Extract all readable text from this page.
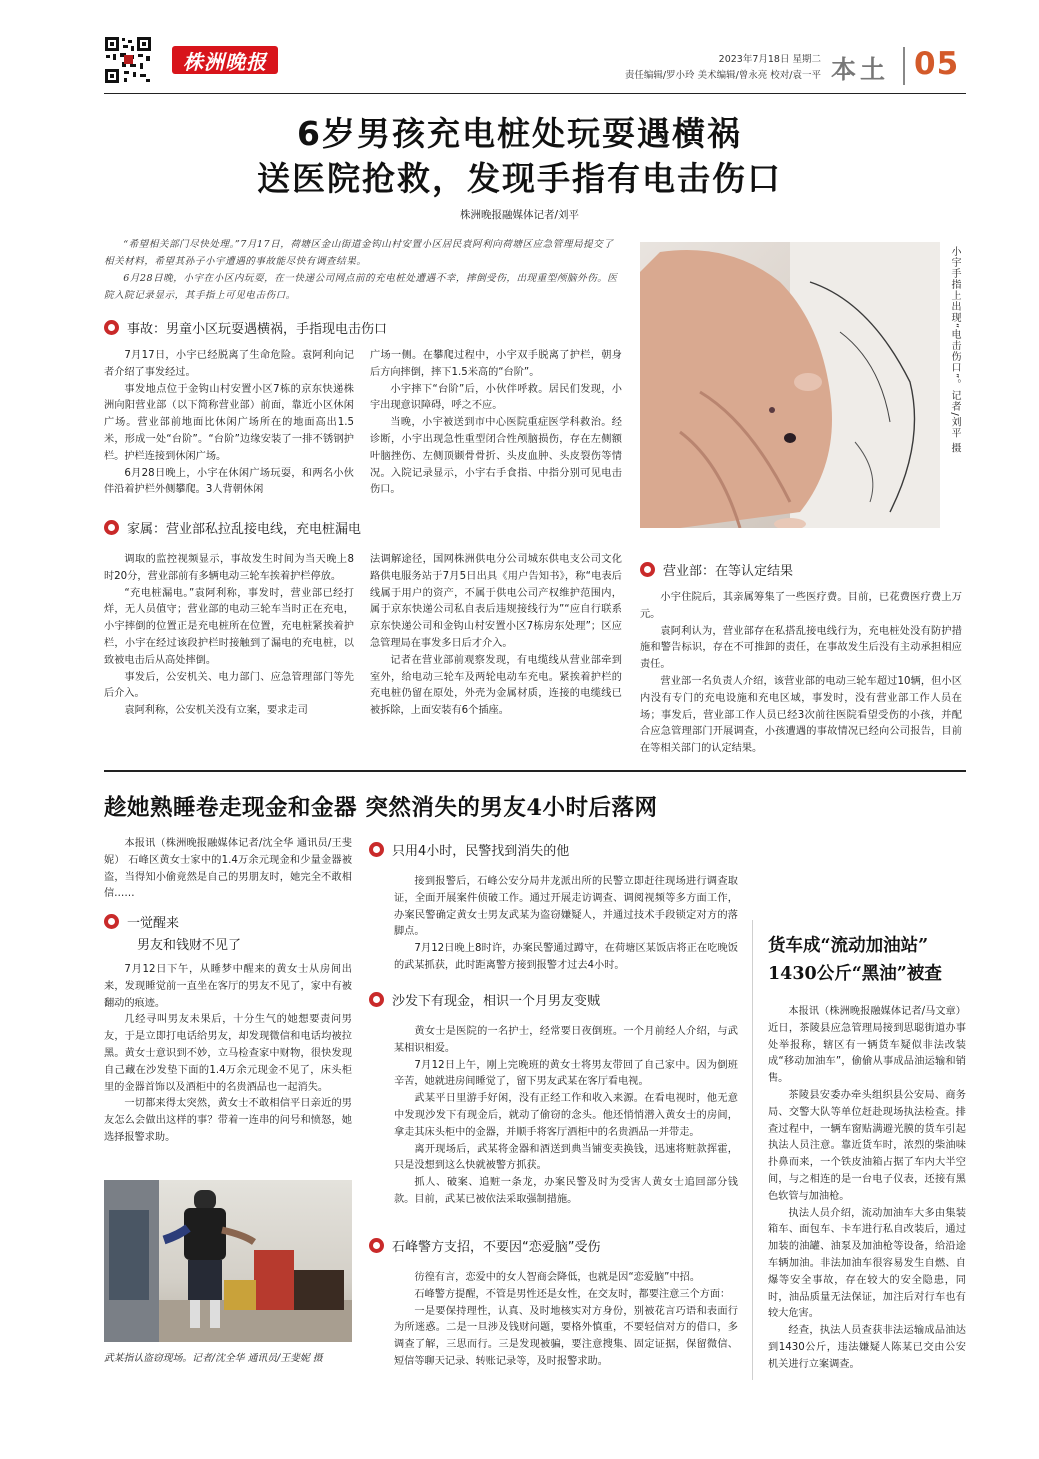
株洲晚报	2023年7月18日 星期二
责任编辑/罗小玲 美术编辑/曾永亮 校对/袁一平 本土 05
6岁男孩充电桩处玩耍遇横祸
送医院抢救，发现手指有电击伤口
株洲晚报融媒体记者/刘平

“希望相关部门尽快处理。”7月17日，荷塘区金山街道金钩山村安置小区居民袁阿利向荷塘区应急管理局提交了相关材料，希望其孙子小宇遭遇的事故能尽快有调查结果。

6月28日晚，小宇在小区内玩耍，在一快递公司网点前的充电桩处遭遇不幸，摔倒受伤，出现重型颅脑外伤。医院入院记录显示，其手指上可见电击伤口。	小宇手指上出现“电击伤口”。记者/刘平 摄
事故：男童小区玩耍遇横祸，手指现电击伤口

7月17日，小宇已经脱离了生命危险。袁阿利向记者介绍了事发经过。

事发地点位于金钩山村安置小区7栋的京东快递株洲向阳营业部（以下简称营业部）前面，靠近小区休闲广场。营业部前地面比休闲广场所在的地面高出1.5米，形成一处“台阶”。“台阶”边缘安装了一排不锈钢护栏。护栏连接到休闲广场。

6月28日晚上，小宇在休闲广场玩耍，和两名小伙伴沿着护栏外侧攀爬。3人背朝休闲

广场一侧。在攀爬过程中，小宇双手脱离了护栏，朝身后方向摔倒，摔下1.5米高的“台阶”。

小宇摔下“台阶”后，小伙伴呼救。居民们发现，小宇出现意识障碍，呼之不应。

当晚，小宇被送到市中心医院重症医学科救治。经诊断，小宇出现急性重型闭合性颅脑损伤，存在左侧额叶脑挫伤、左侧顶颞骨骨折、头皮血肿、头皮裂伤等情况。入院记录显示，小宇右手食指、中指分别可见电击伤口。

家属：营业部私拉乱接电线，充电桩漏电

调取的监控视频显示，事故发生时间为当天晚上8时20分，营业部前有多辆电动三轮车挨着护栏停放。

“充电桩漏电。”袁阿利称，事发时，营业部已经打烊，无人员值守；营业部的电动三轮车当时正在充电，小宇摔倒的位置正是充电桩所在位置，充电桩紧挨着护栏，小宇在经过该段护栏时接触到了漏电的充电桩，以致被电击后从高处摔倒。

事发后，公安机关、电力部门、应急管理部门等先后介入。

袁阿利称，公安机关没有立案，要求走司

法调解途径，国网株洲供电分公司城东供电支公司文化路供电服务站于7月5日出具《用户告知书》，称“电表后线属于用户的资产，不属于供电公司产权维护范围内，属于京东快递公司私自表后违规接线行为”“应自行联系京东快递公司和金钩山村安置小区7栋房东处理”；区应急管理局在事发多日后才介入。

记者在营业部前观察发现，有电缆线从营业部牵到室外，给电动三轮车及两轮电动车充电。紧挨着护栏的充电桩仍留在原处，外壳为金属材质，连接的电缆线已被拆除，上面安装有6个插座。

营业部：在等认定结果

小宇住院后，其亲属筹集了一些医疗费。目前，已花费医疗费上万元。

袁阿利认为，营业部存在私搭乱接电线行为，充电桩处没有防护措施和警告标识，存在不可推卸的责任，在事故发生后没有主动承担相应责任。

营业部一名负责人介绍，该营业部的电动三轮车超过10辆，但小区内没有专门的充电设施和充电区域，事发时，没有营业部工作人员在场；事发后，营业部工作人员已经3次前往医院看望受伤的小孩，并配合应急管理部门开展调查，小孩遭遇的事故情况已经向公司报告，目前在等相关部门的认定结果。

趁她熟睡卷走现金和金器 突然消失的男友4小时后落网

本报讯（株洲晚报融媒体记者/沈全华 通讯员/王斐妮） 石峰区黄女士家中的1.4万余元现金和少量金器被盗，当得知小偷竟然是自己的男朋友时，她完全不敢相信……

一觉醒来
男友和钱财不见了

7月12日下午，从睡梦中醒来的黄女士从房间出来，发现睡觉前一直坐在客厅的男友不见了，家中有被翻动的痕迹。

几经寻叫男友未果后，十分生气的她想要责问男友，于是立即打电话给男友，却发现微信和电话均被拉黑。黄女士意识到不妙，立马检查家中财物，很快发现自己藏在沙发垫下面的1.4万余元现金不见了，床头柜里的金器首饰以及酒柜中的名贵酒品也一起消失。

一切都来得太突然，黄女士不敢相信平日亲近的男友怎么会做出这样的事？带着一连串的问号和愤怒，她选择报警求助。

武某指认盗窃现场。记者/沈全华 通讯员/王斐妮 摄
只用4小时，民警找到消失的他

接到报警后，石峰公安分局井龙派出所的民警立即赶往现场进行调查取证，全面开展案件侦破工作。通过开展走访调查、调阅视频等多方面工作，办案民警确定黄女士男友武某为盗窃嫌疑人，并通过技术手段锁定对方的落脚点。

7月12日晚上8时许，办案民警通过蹲守，在荷塘区某饭店将正在吃晚饭的武某抓获，此时距离警方接到报警才过去4小时。

沙发下有现金，相识一个月男友变贼

黄女士是医院的一名护士，经常要日夜倒班。一个月前经人介绍，与武某相识相爱。

7月12日上午，刚上完晚班的黄女士将男友带回了自己家中。因为倒班辛苦，她就进房间睡觉了，留下男友武某在客厅看电视。

武某平日里游手好闲，没有正经工作和收入来源。在看电视时，他无意中发现沙发下有现金后，就动了偷窃的念头。他还悄悄潜入黄女士的房间，拿走其床头柜中的金器，并顺手将客厅酒柜中的名贵酒品一并带走。

离开现场后，武某将金器和酒送到典当铺变卖换钱，迅速将赃款挥霍，只是没想到这么快就被警方抓获。

抓人、破案、追赃一条龙，办案民警及时为受害人黄女士追回部分钱款。目前，武某已被依法采取强制措施。

石峰警方支招，不要因“恋爱脑”受伤

彷徨有言，恋爱中的女人智商会降低，也就是因“恋爱脑”中招。

石峰警方提醒，不管是男性还是女性，在交友时，都要注意三个方面：

一是要保持理性，认真、及时地核实对方身份，别被花言巧语和表面行为所迷惑。二是一旦涉及钱财问题，要格外慎重，不要轻信对方的借口，多调查了解，三思而行。三是发现被骗，要注意搜集、固定证据，保留微信、短信等聊天记录、转账记录等，及时报警求助。

货车成“流动加油站”
1430公斤“黑油”被查

本报讯（株洲晚报融媒体记者/马文章） 近日，茶陵县应急管理局接到思聪街道办事处举报称，辖区有一辆货车疑似非法改装成“移动加油车”，偷偷从事成品油运输和销售。

茶陵县安委办牵头组织县公安局、商务局、交警大队等单位赶赴现场执法检查。排查过程中，一辆车窗贴满避光膜的货车引起执法人员注意。靠近货车时，浓烈的柴油味扑鼻而来，一个铁皮油箱占据了车内大半空间，与之相连的是一台电子仪表，还接有黑色软管与加油枪。

执法人员介绍，流动加油车大多由集装箱车、面包车、卡车进行私自改装后，通过加装的油罐、油泵及加油枪等设备，给沿途车辆加油。非法加油车很容易发生自燃、自爆等安全事故，存在较大的安全隐患，同时，油品质量无法保证，加注后对行车也有较大危害。

经查，执法人员查获非法运输成品油达到1430公斤，违法嫌疑人陈某已交由公安机关进行立案调查。
